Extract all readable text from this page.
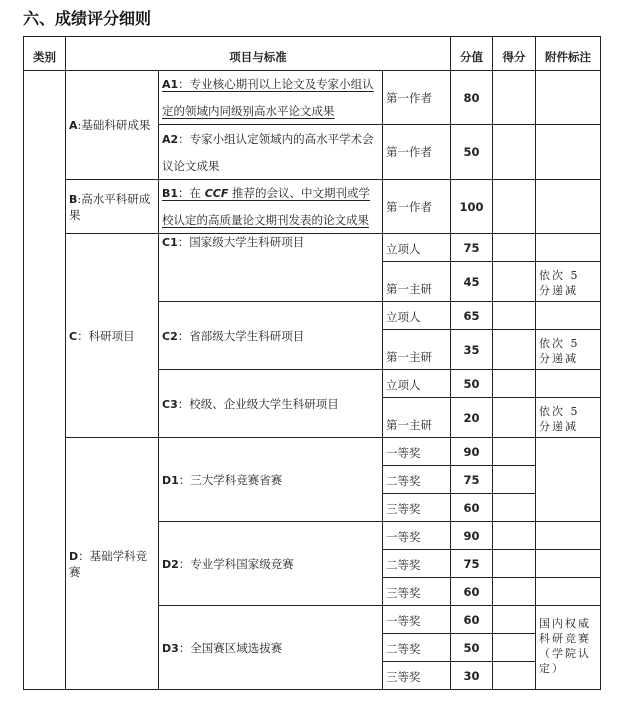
六、成绩评分细则
类别	项目与标准			分值	得分	附件标注
	A:基础科研成果	A1：专业核心期刊以上论文及专家小组认定的领域内同级别高水平论文成果	第一作者	80		
		A2：专家小组认定领域内的高水平学术会议论文成果	第一作者	50		
	B:高水平科研成果	B1：在 CCF 推荐的会议、中文期刊或学校认定的高质量论文期刊发表的论文成果	第一作者	100		
	C：科研项目	C1：国家级大学生科研项目	立项人	75		
			第一主研	45		依次 5 分递减
		C2：省部级大学生科研项目	立项人	65		
			第一主研	35		依次 5 分递减
		C3：校级、企业级大学生科研项目	立项人	50		
			第一主研	20		依次 5 分递减
	D：基础学科竞赛	D1：三大学科竞赛省赛	一等奖	90		
			二等奖	75		
			三等奖	60		
		D2：专业学科国家级竞赛	一等奖	90		
			二等奖	75		
			三等奖	60		
		D3：全国赛区域选拔赛	一等奖	60		国内权威科研竞赛（学院认定）
			二等奖	50		
			三等奖	30		
